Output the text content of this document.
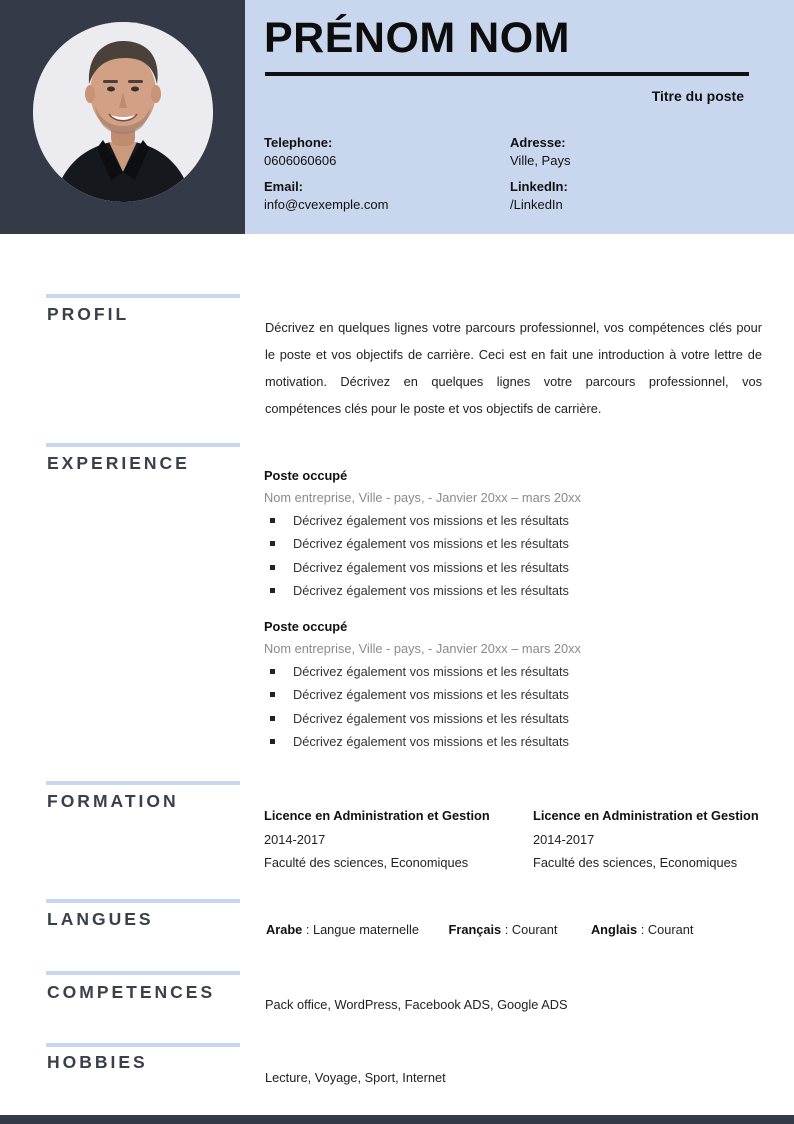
PRÉNOM NOM
Titre du poste
Telephone:
0606060606
Adresse:
Ville, Pays
Email:
info@cvexemple.com
LinkedIn:
/LinkedIn
PROFIL
Décrivez en quelques lignes votre parcours professionnel, vos compétences clés pour le poste et vos objectifs de carrière. Ceci est en fait une introduction à votre lettre de motivation. Décrivez en quelques lignes votre parcours professionnel, vos compétences clés pour le poste et vos objectifs de carrière.
EXPERIENCE
Poste occupé
Nom entreprise, Ville - pays, - Janvier 20xx – mars 20xx
Décrivez également vos missions et les résultats
Décrivez également vos missions et les résultats
Décrivez également vos missions et les résultats
Décrivez également vos missions et les résultats
Poste occupé
Nom entreprise, Ville - pays, - Janvier 20xx – mars 20xx
Décrivez également vos missions et les résultats
Décrivez également vos missions et les résultats
Décrivez également vos missions et les résultats
Décrivez également vos missions et les résultats
FORMATION
Licence en Administration et Gestion
2014-2017
Faculté des sciences, Economiques
Licence en Administration et Gestion
2014-2017
Faculté des sciences, Economiques
LANGUES
Arabe : Langue maternelle Français : Courant	Anglais : Courant
COMPETENCES
Pack office, WordPress, Facebook ADS, Google ADS
HOBBIES
Lecture, Voyage, Sport, Internet
